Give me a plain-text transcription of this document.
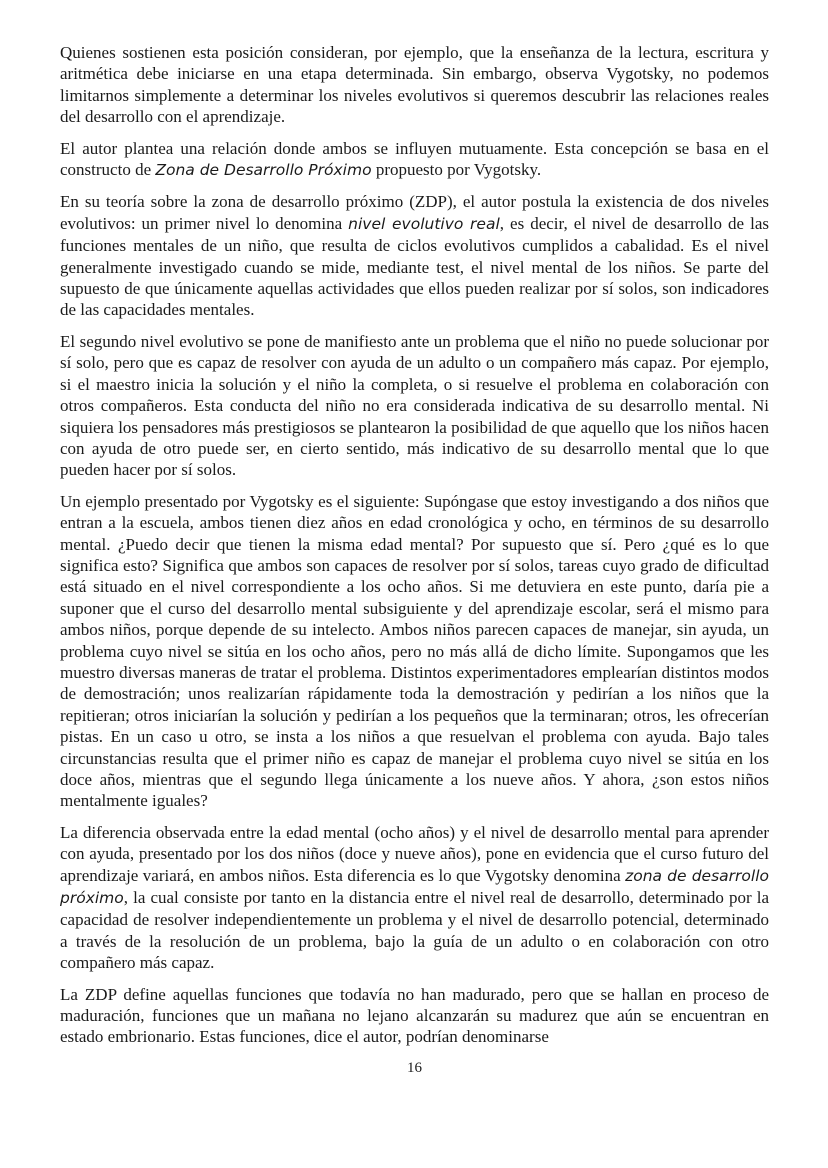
Quienes sostienen esta posición consideran, por ejemplo, que la enseñanza de la lectura, escritura y aritmética debe iniciarse en una etapa determinada. Sin embargo, observa Vygotsky, no podemos limitarnos simplemente a determinar los niveles evolutivos si queremos descubrir las relaciones reales del desarrollo con el aprendizaje.

El autor plantea una relación donde ambos se influyen mutuamente. Esta concepción se basa en el constructo de Zona de Desarrollo Próximo propuesto por Vygotsky.

En su teoría sobre la zona de desarrollo próximo (ZDP), el autor postula la existencia de dos niveles evolutivos: un primer nivel lo denomina nivel evolutivo real, es decir, el nivel de desarrollo de las funciones mentales de un niño, que resulta de ciclos evolutivos cumplidos a cabalidad. Es el nivel generalmente investigado cuando se mide, mediante test, el nivel mental de los niños. Se parte del supuesto de que únicamente aquellas actividades que ellos pueden realizar por sí solos, son indicadores de las capacidades mentales.

El segundo nivel evolutivo se pone de manifiesto ante un problema que el niño no puede solucionar por sí solo, pero que es capaz de resolver con ayuda de un adulto o un compañero más capaz. Por ejemplo, si el maestro inicia la solución y el niño la completa, o si resuelve el problema en colaboración con otros compañeros. Esta conducta del niño no era considerada indicativa de su desarrollo mental. Ni siquiera los pensadores más prestigiosos se plantearon la posibilidad de que aquello que los niños hacen con ayuda de otro puede ser, en cierto sentido, más indicativo de su desarrollo mental que lo que pueden hacer por sí solos.

Un ejemplo presentado por Vygotsky es el siguiente: Supóngase que estoy investigando a dos niños que entran a la escuela, ambos tienen diez años en edad cronológica y ocho, en términos de su desarrollo mental. ¿Puedo decir que tienen la misma edad mental? Por supuesto que sí. Pero ¿qué es lo que significa esto? Significa que ambos son capaces de resolver por sí solos, tareas cuyo grado de dificultad está situado en el nivel correspondiente a los ocho años. Si me detuviera en este punto, daría pie a suponer que el curso del desarrollo mental subsiguiente y del aprendizaje escolar, será el mismo para ambos niños, porque depende de su intelecto. Ambos niños parecen capaces de manejar, sin ayuda, un problema cuyo nivel se sitúa en los ocho años, pero no más allá de dicho límite. Supongamos que les muestro diversas maneras de tratar el problema. Distintos experimentadores emplearían distintos modos de demostración; unos realizarían rápidamente toda la demostración y pedirían a los niños que la repitieran; otros iniciarían la solución y pedirían a los pequeños que la terminaran; otros, les ofrecerían pistas. En un caso u otro, se insta a los niños a que resuelvan el problema con ayuda. Bajo tales circunstancias resulta que el primer niño es capaz de manejar el problema cuyo nivel se sitúa en los doce años, mientras que el segundo llega únicamente a los nueve años. Y ahora, ¿son estos niños mentalmente iguales?

La diferencia observada entre la edad mental (ocho años) y el nivel de desarrollo mental para aprender con ayuda, presentado por los dos niños (doce y nueve años), pone en evidencia que el curso futuro del aprendizaje variará, en ambos niños. Esta diferencia es lo que Vygotsky denomina zona de desarrollo próximo, la cual consiste por tanto en la distancia entre el nivel real de desarrollo, determinado por la capacidad de resolver independientemente un problema y el nivel de desarrollo potencial, determinado a través de la resolución de un problema, bajo la guía de un adulto o en colaboración con otro compañero más capaz.

La ZDP define aquellas funciones que todavía no han madurado, pero que se hallan en proceso de maduración, funciones que un mañana no lejano alcanzarán su madurez que aún se encuentran en estado embrionario. Estas funciones, dice el autor, podrían denominarse

16
